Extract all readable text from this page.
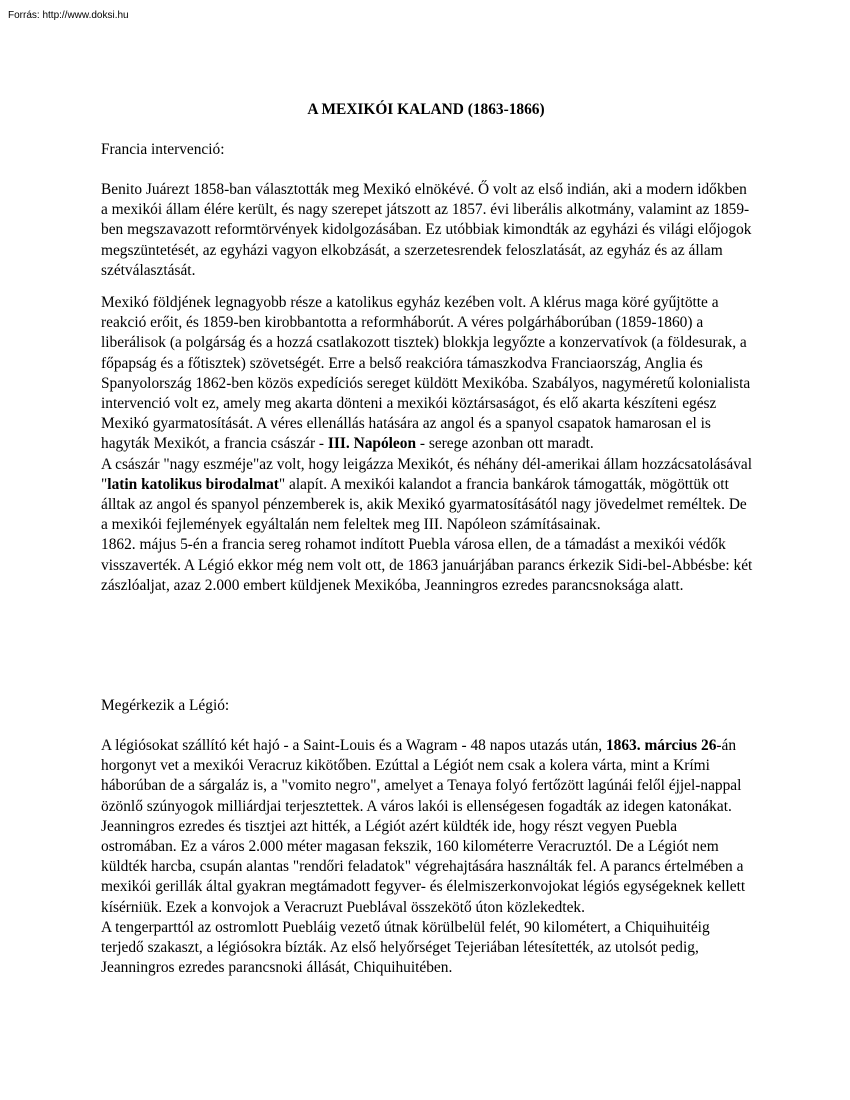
Forrás: http://www.doksi.hu
A MEXIKÓI KALAND (1863-1866)

Francia intervenció:

Benito Juárezt 1858-ban választották meg Mexikó elnökévé. Ő volt az első indián, aki a modern időkben a mexikói állam élére került, és nagy szerepet játszott az 1857. évi liberális alkotmány, valamint az 1859-ben megszavazott reformtörvények kidolgozásában. Ez utóbbiak kimondták az egyházi és világi előjogok megszüntetését, az egyházi vagyon elkobzását, a szerzetesrendek feloszlatását, az egyház és az állam szétválasztását.

Mexikó földjének legnagyobb része a katolikus egyház kezében volt. A klérus maga köré gyűjtötte a reakció erőit, és 1859-ben kirobbantotta a reformháborút. A véres polgárháborúban (1859-1860) a liberálisok (a polgárság és a hozzá csatlakozott tisztek) blokkja legyőzte a konzervatívok (a földesurak, a főpapság és a főtisztek) szövetségét. Erre a belső reakcióra támaszkodva Franciaország, Anglia és Spanyolország 1862-ben közös expedíciós sereget küldött Mexikóba. Szabályos, nagyméretű kolonialista intervenció volt ez, amely meg akarta dönteni a mexikói köztársaságot, és elő akarta készíteni egész Mexikó gyarmatosítását. A véres ellenállás hatására az angol és a spanyol csapatok hamarosan el is hagyták Mexikót, a francia császár - III. Napóleon - serege azonban ott maradt.

A császár "nagy eszméje"az volt, hogy leigázza Mexikót, és néhány dél-amerikai állam hozzácsatolásával "latin katolikus birodalmat" alapít. A mexikói kalandot a francia bankárok támogatták, mögöttük ott álltak az angol és spanyol pénzemberek is, akik Mexikó gyarmatosításától nagy jövedelmet reméltek. De a mexikói fejlemények egyáltalán nem feleltek meg III. Napóleon számításainak.

1862. május 5-én a francia sereg rohamot indított Puebla városa ellen, de a támadást a mexikói védők visszaverték. A Légió ekkor még nem volt ott, de 1863 januárjában parancs érkezik Sidi-bel-Abbésbe: két zászlóaljat, azaz 2.000 embert küldjenek Mexikóba, Jeanningros ezredes parancsnoksága alatt.

Megérkezik a Légió:

A légiósokat szállító két hajó - a Saint-Louis és a Wagram - 48 napos utazás után, 1863. március 26-án horgonyt vet a mexikói Veracruz kikötőben. Ezúttal a Légiót nem csak a kolera várta, mint a Krími háborúban de a sárgaláz is, a "vomito negro", amelyet a Tenaya folyó fertőzött lagúnái felől éjjel-nappal özönlő szúnyogok milliárdjai terjesztettek. A város lakói is ellenségesen fogadták az idegen katonákat. Jeanningros ezredes és tisztjei azt hitték, a Légiót azért küldték ide, hogy részt vegyen Puebla ostromában. Ez a város 2.000 méter magasan fekszik, 160 kilométerre Veracruztól. De a Légiót nem küldték harcba, csupán alantas "rendőri feladatok" végrehajtására használták fel. A parancs értelmében a mexikói gerillák által gyakran megtámadott fegyver- és élelmiszerkonvojokat légiós egységeknek kellett kísérniük. Ezek a konvojok a Veracruzt Pueblával összekötő úton közlekedtek.

A tengerparttól az ostromlott Puebláig vezető útnak körülbelül felét, 90 kilométert, a Chiquihuitéig terjedő szakaszt, a légiósokra bízták. Az első helyőrséget Tejeriában létesítették, az utolsót pedig, Jeanningros ezredes parancsnoki állását, Chiquihuitében.
